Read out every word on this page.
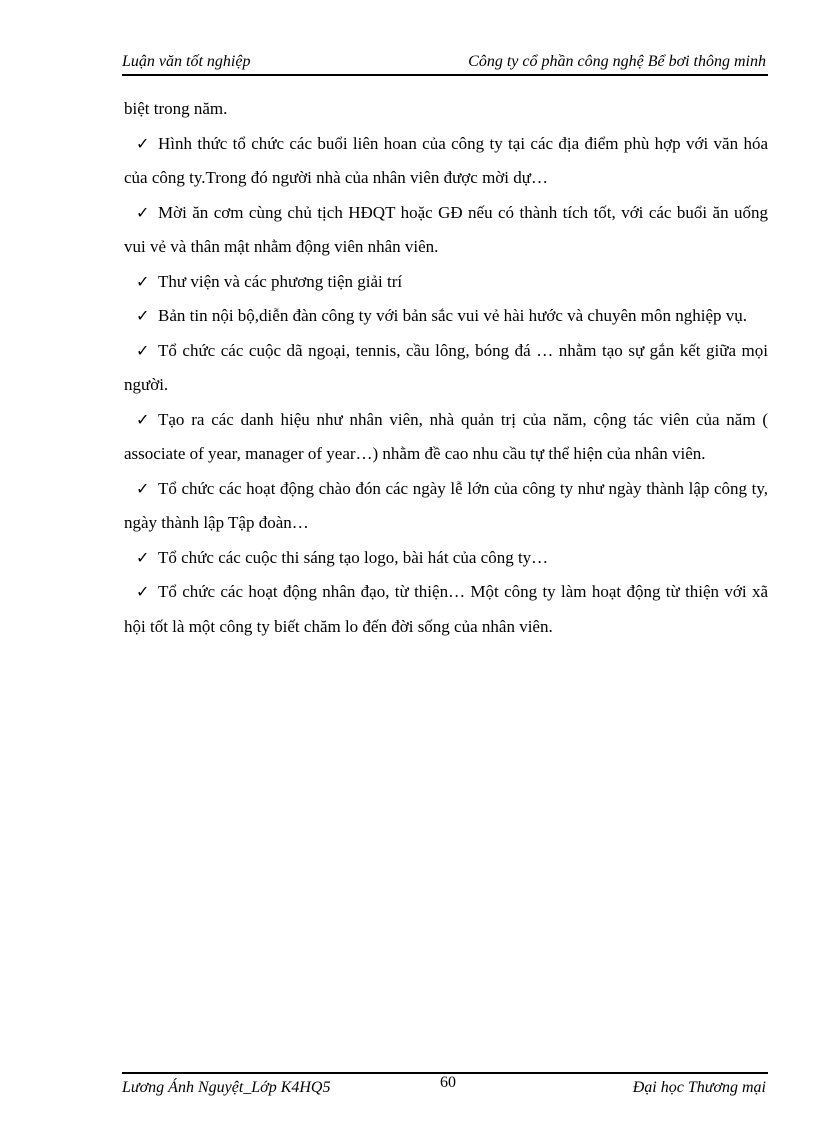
Luận văn tốt nghiệp	Công ty cổ phần công nghệ Bể bơi thông minh

biệt trong năm.

✓ Hình thức tổ chức các buổi liên hoan của công ty tại các địa điểm phù hợp với văn hóa của công ty.Trong đó người nhà của nhân viên được mời dự…

✓ Mời ăn cơm cùng chủ tịch HĐQT hoặc GĐ nếu có thành tích tốt, với các buổi ăn uống vui vẻ và thân mật nhằm động viên nhân viên.

✓ Thư viện và các phương tiện giải trí

✓ Bản tin nội bộ,diễn đàn công ty với bản sắc vui vẻ hài hước và chuyên môn nghiệp vụ.

✓ Tổ chức các cuộc dã ngoại, tennis, cầu lông, bóng đá … nhằm tạo sự gắn kết giữa mọi người.

✓ Tạo ra các danh hiệu như nhân viên, nhà quản trị của năm, cộng tác viên của năm ( associate of year, manager of year…) nhằm đề cao nhu cầu tự thể hiện của nhân viên.

✓ Tổ chức các hoạt động chào đón các ngày lễ lớn của công ty như ngày thành lập công ty, ngày thành lập Tập đoàn…

✓ Tổ chức các cuộc thi sáng tạo logo, bài hát của công ty…

✓ Tổ chức các hoạt động nhân đạo, từ thiện… Một công ty làm hoạt động từ thiện với xã hội tốt là một công ty biết chăm lo đến đời sống của nhân viên.

Lương Ánh Nguyệt_Lớp K4HQ5	60	Đại học Thương mại
